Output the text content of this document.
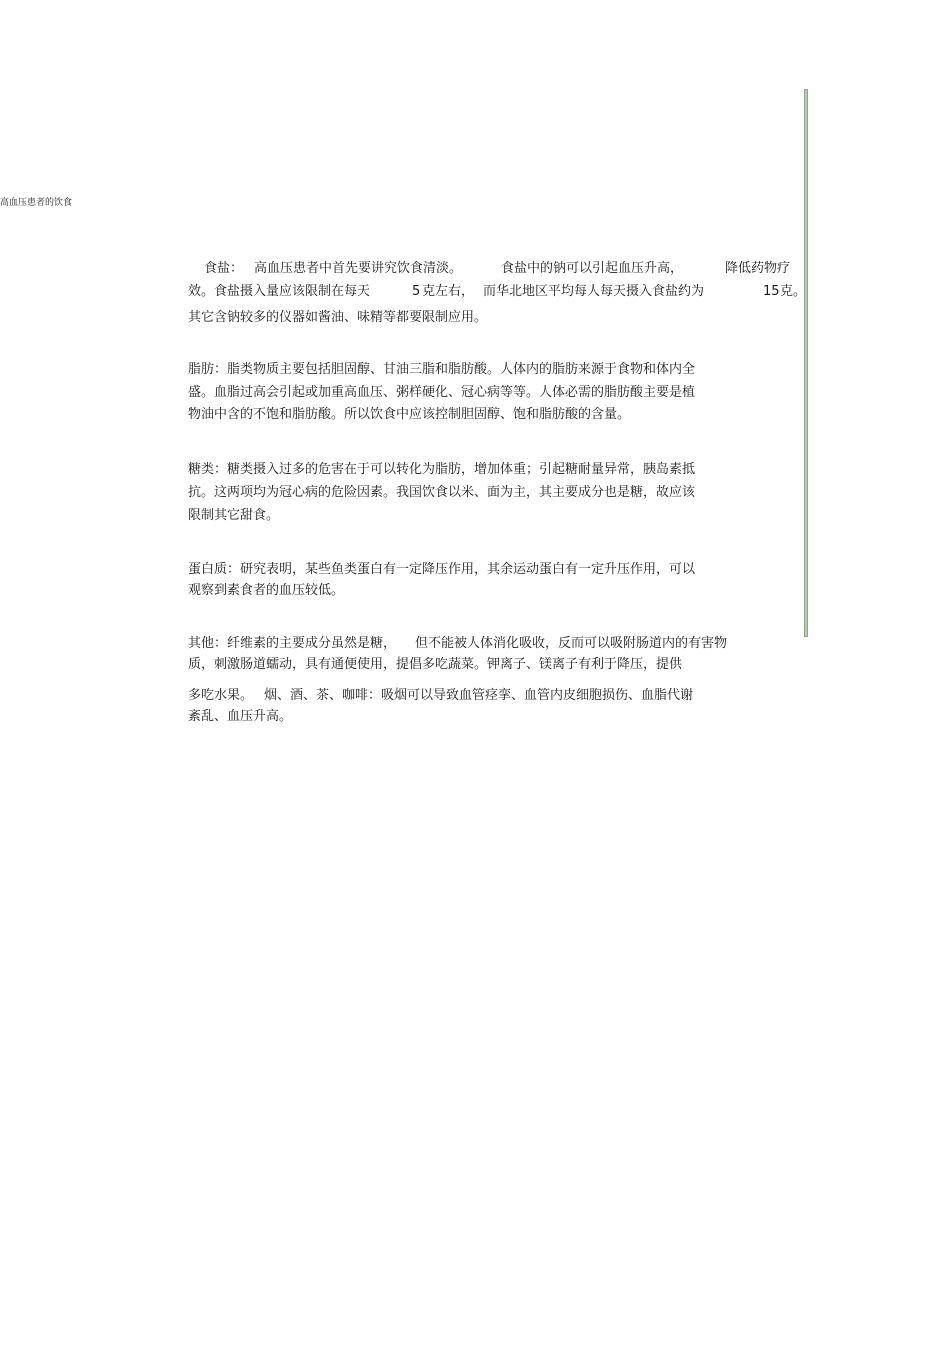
高血压患者的饮食
食盐： 高血压患者中首先要讲究饮食清淡。	食盐中的钠可以引起血压升高，	降低药物疗
效。食盐摄入量应该限制在每天	5 克左右， 而华北地区平均每人每天摄入食盐约为	15 克。
其它含钠较多的仪器如酱油、味精等都要限制应用。
脂肪：脂类物质主要包括胆固醇、甘油三脂和脂肪酸。人体内的脂肪来源于食物和体内全
盛。血脂过高会引起或加重高血压、粥样硬化、冠心病等等。人体必需的脂肪酸主要是植
物油中含的不饱和脂肪酸。所以饮食中应该控制胆固醇、饱和脂肪酸的含量。
糖类：糖类摄入过多的危害在于可以转化为脂肪，增加体重；引起糖耐量异常，胰岛素抵
抗。这两项均为冠心病的危险因素。我国饮食以米、面为主，其主要成分也是糖，故应该
限制其它甜食。
蛋白质：研究表明，某些鱼类蛋白有一定降压作用，其余运动蛋白有一定升压作用，可以
观察到素食者的血压较低。
其他：纤维素的主要成分虽然是糖， 但不能被人体消化吸收，反而可以吸附肠道内的有害物
质，刺激肠道蠕动，具有通便使用，提倡多吃蔬菜。钾离子、镁离子有利于降压，提供
多吃水果。 烟、酒、茶、咖啡：吸烟可以导致血管痉挛、血管内皮细胞损伤、血脂代谢
紊乱、血压升高。
